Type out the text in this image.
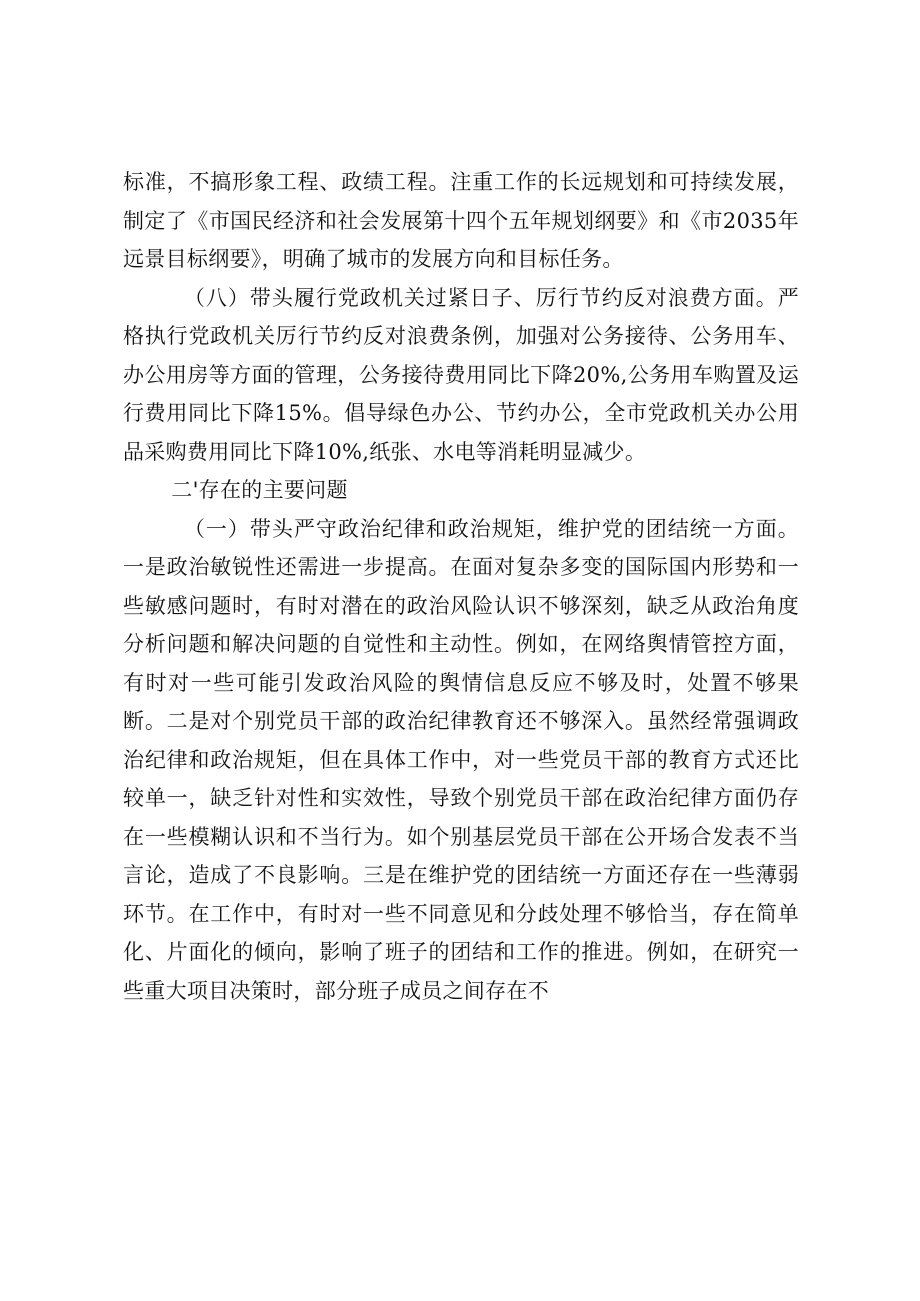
标准，不搞形象工程、政绩工程。注重工作的长远规划和可持续发展，制定了《市国民经济和社会发展第十四个五年规划纲要》和《市2035年远景目标纲要》，明确了城市的发展方向和目标任务。

（八）带头履行党政机关过紧日子、厉行节约反对浪费方面。严格执行党政机关厉行节约反对浪费条例，加强对公务接待、公务用车、办公用房等方面的管理，公务接待费用同比下降20%,公务用车购置及运行费用同比下降15%。倡导绿色办公、节约办公，全市党政机关办公用品采购费用同比下降10%,纸张、水电等消耗明显减少。

二'存在的主要问题

（一）带头严守政治纪律和政治规矩，维护党的团结统一方面。一是政治敏锐性还需进一步提高。在面对复杂多变的国际国内形势和一些敏感问题时，有时对潜在的政治风险认识不够深刻，缺乏从政治角度分析问题和解决问题的自觉性和主动性。例如，在网络舆情管控方面，有时对一些可能引发政治风险的舆情信息反应不够及时，处置不够果断。二是对个别党员干部的政治纪律教育还不够深入。虽然经常强调政治纪律和政治规矩，但在具体工作中，对一些党员干部的教育方式还比较单一，缺乏针对性和实效性，导致个别党员干部在政治纪律方面仍存在一些模糊认识和不当行为。如个别基层党员干部在公开场合发表不当言论，造成了不良影响。三是在维护党的团结统一方面还存在一些薄弱环节。在工作中，有时对一些不同意见和分歧处理不够恰当，存在简单化、片面化的倾向，影响了班子的团结和工作的推进。例如，在研究一些重大项目决策时，部分班子成员之间存在不
